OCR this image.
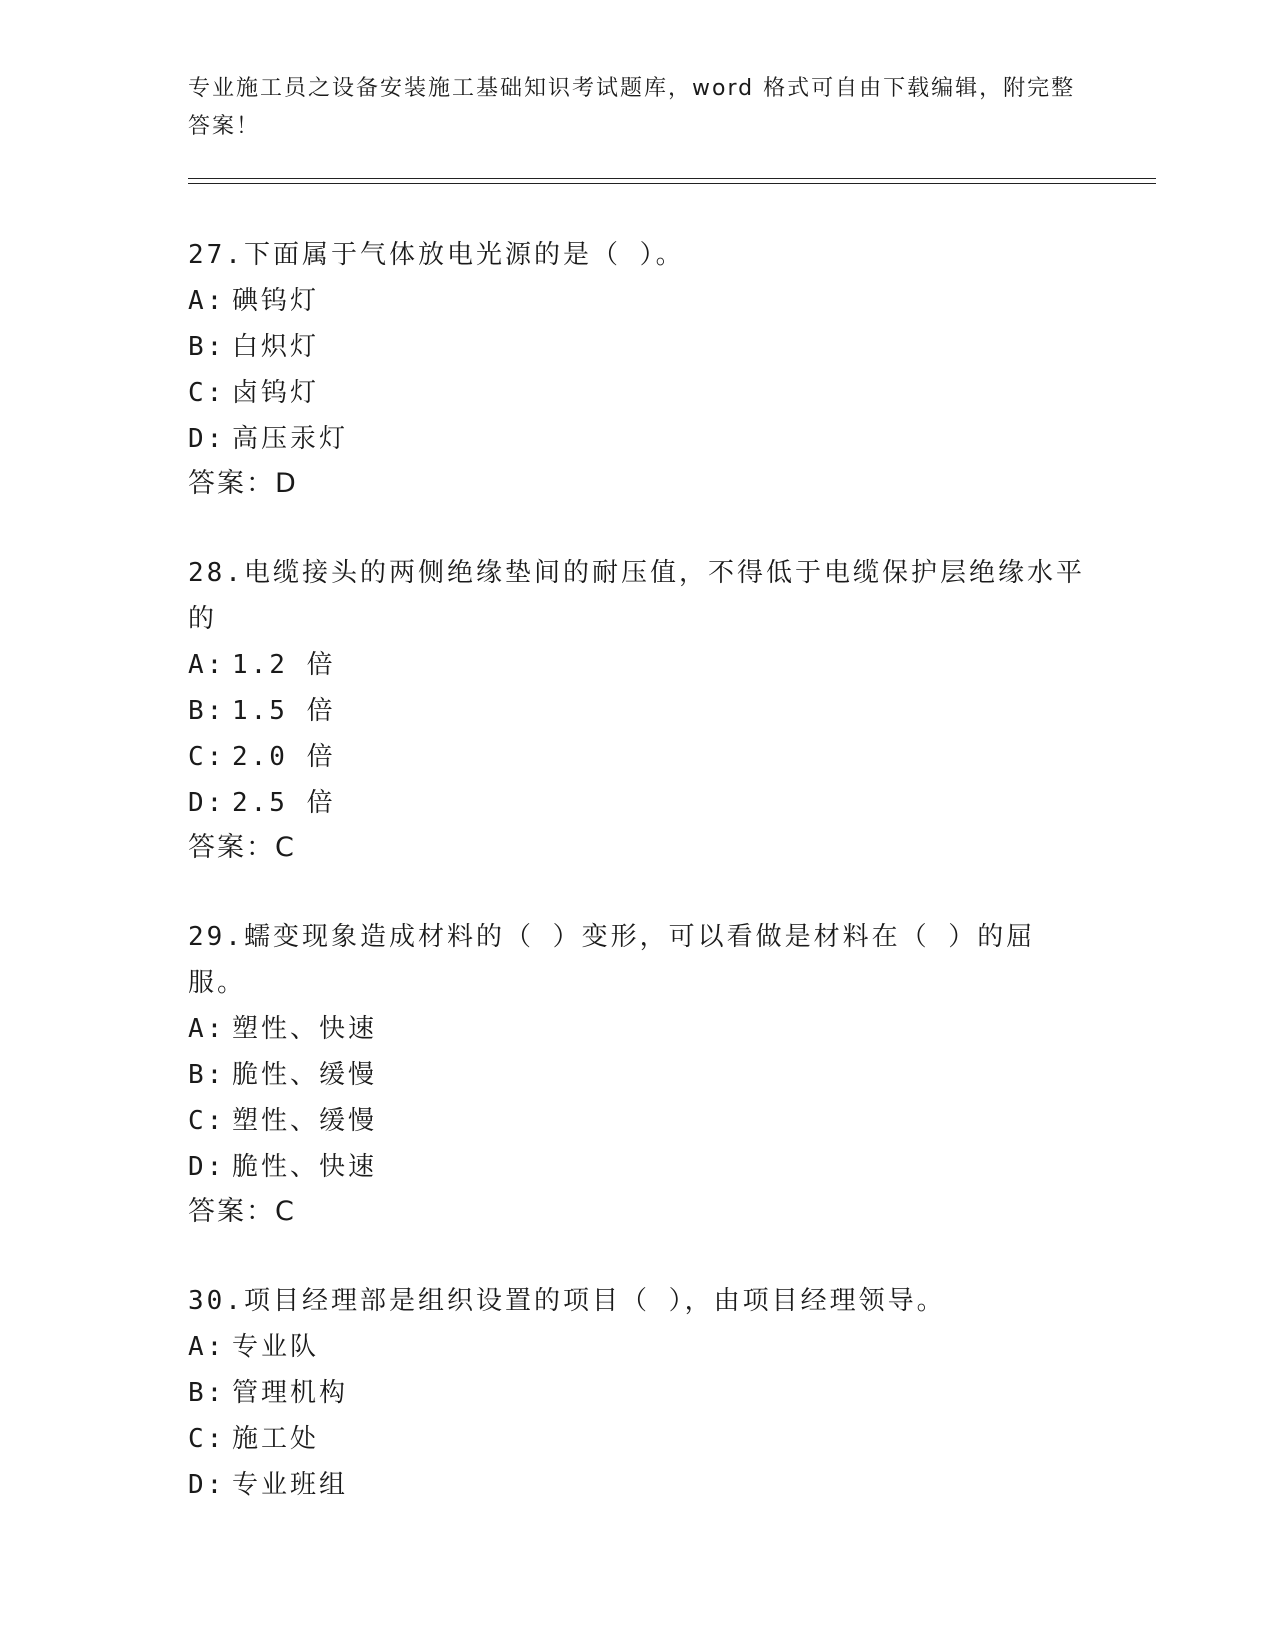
专业施工员之设备安装施工基础知识考试题库，word 格式可自由下载编辑，附完整答案！
27.下面属于气体放电光源的是（ ）。
A: 碘钨灯
B: 白炽灯
C: 卤钨灯
D: 高压汞灯
答案：D
28.电缆接头的两侧绝缘垫间的耐压值，不得低于电缆保护层绝缘水平的
A: 1.2 倍
B: 1.5 倍
C: 2.0 倍
D: 2.5 倍
答案：C
29.蠕变现象造成材料的（ ）变形，可以看做是材料在（ ）的屈服。
A: 塑性、快速
B: 脆性、缓慢
C: 塑性、缓慢
D: 脆性、快速
答案：C
30.项目经理部是组织设置的项目（ ），由项目经理领导。
A: 专业队
B: 管理机构
C: 施工处
D: 专业班组
